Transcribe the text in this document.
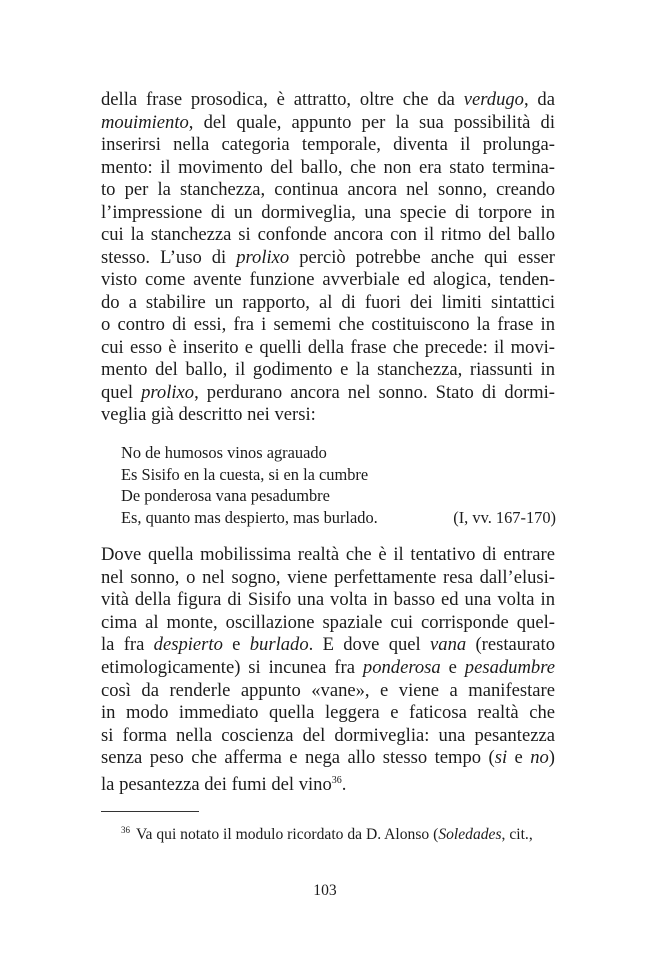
della frase prosodica, è attratto, oltre che da verdugo, da
mouimiento, del quale, appunto per la sua possibilità di
inserirsi nella categoria temporale, diventa il prolunga-
mento: il movimento del ballo, che non era stato termina-
to per la stanchezza, continua ancora nel sonno, creando
l’impressione di un dormiveglia, una specie di torpore in
cui la stanchezza si confonde ancora con il ritmo del ballo
stesso. L’uso di prolixo perciò potrebbe anche qui esser
visto come avente funzione avverbiale ed alogica, tenden-
do a stabilire un rapporto, al di fuori dei limiti sintattici
o contro di essi, fra i sememi che costituiscono la frase in
cui esso è inserito e quelli della frase che precede: il movi-
mento del ballo, il godimento e la stanchezza, riassunti in
quel prolixo, perdurano ancora nel sonno. Stato di dormi-
veglia già descritto nei versi:
No de humosos vinos agrauado
Es Sisifo en la cuesta, si en la cumbre
De ponderosa vana pesadumbre
Es, quanto mas despierto, mas burlado.	(I, vv. 167-170)
Dove quella mobilissima realtà che è il tentativo di entrare
nel sonno, o nel sogno, viene perfettamente resa dall’elusi-
vità della figura di Sisifo una volta in basso ed una volta in
cima al monte, oscillazione spaziale cui corrisponde quel-
la fra despierto e burlado. E dove quel vana (restaurato
etimologicamente) si incunea fra ponderosa e pesadumbre
così da renderle appunto «vane», e viene a manifestare
in modo immediato quella leggera e faticosa realtà che
si forma nella coscienza del dormiveglia: una pesantezza
senza peso che afferma e nega allo stesso tempo (si e no)
la pesantezza dei fumi del vino$^{36}$.
$^{36}$ Va qui notato il modulo ricordato da D. Alonso (Soledades, cit.,
103
